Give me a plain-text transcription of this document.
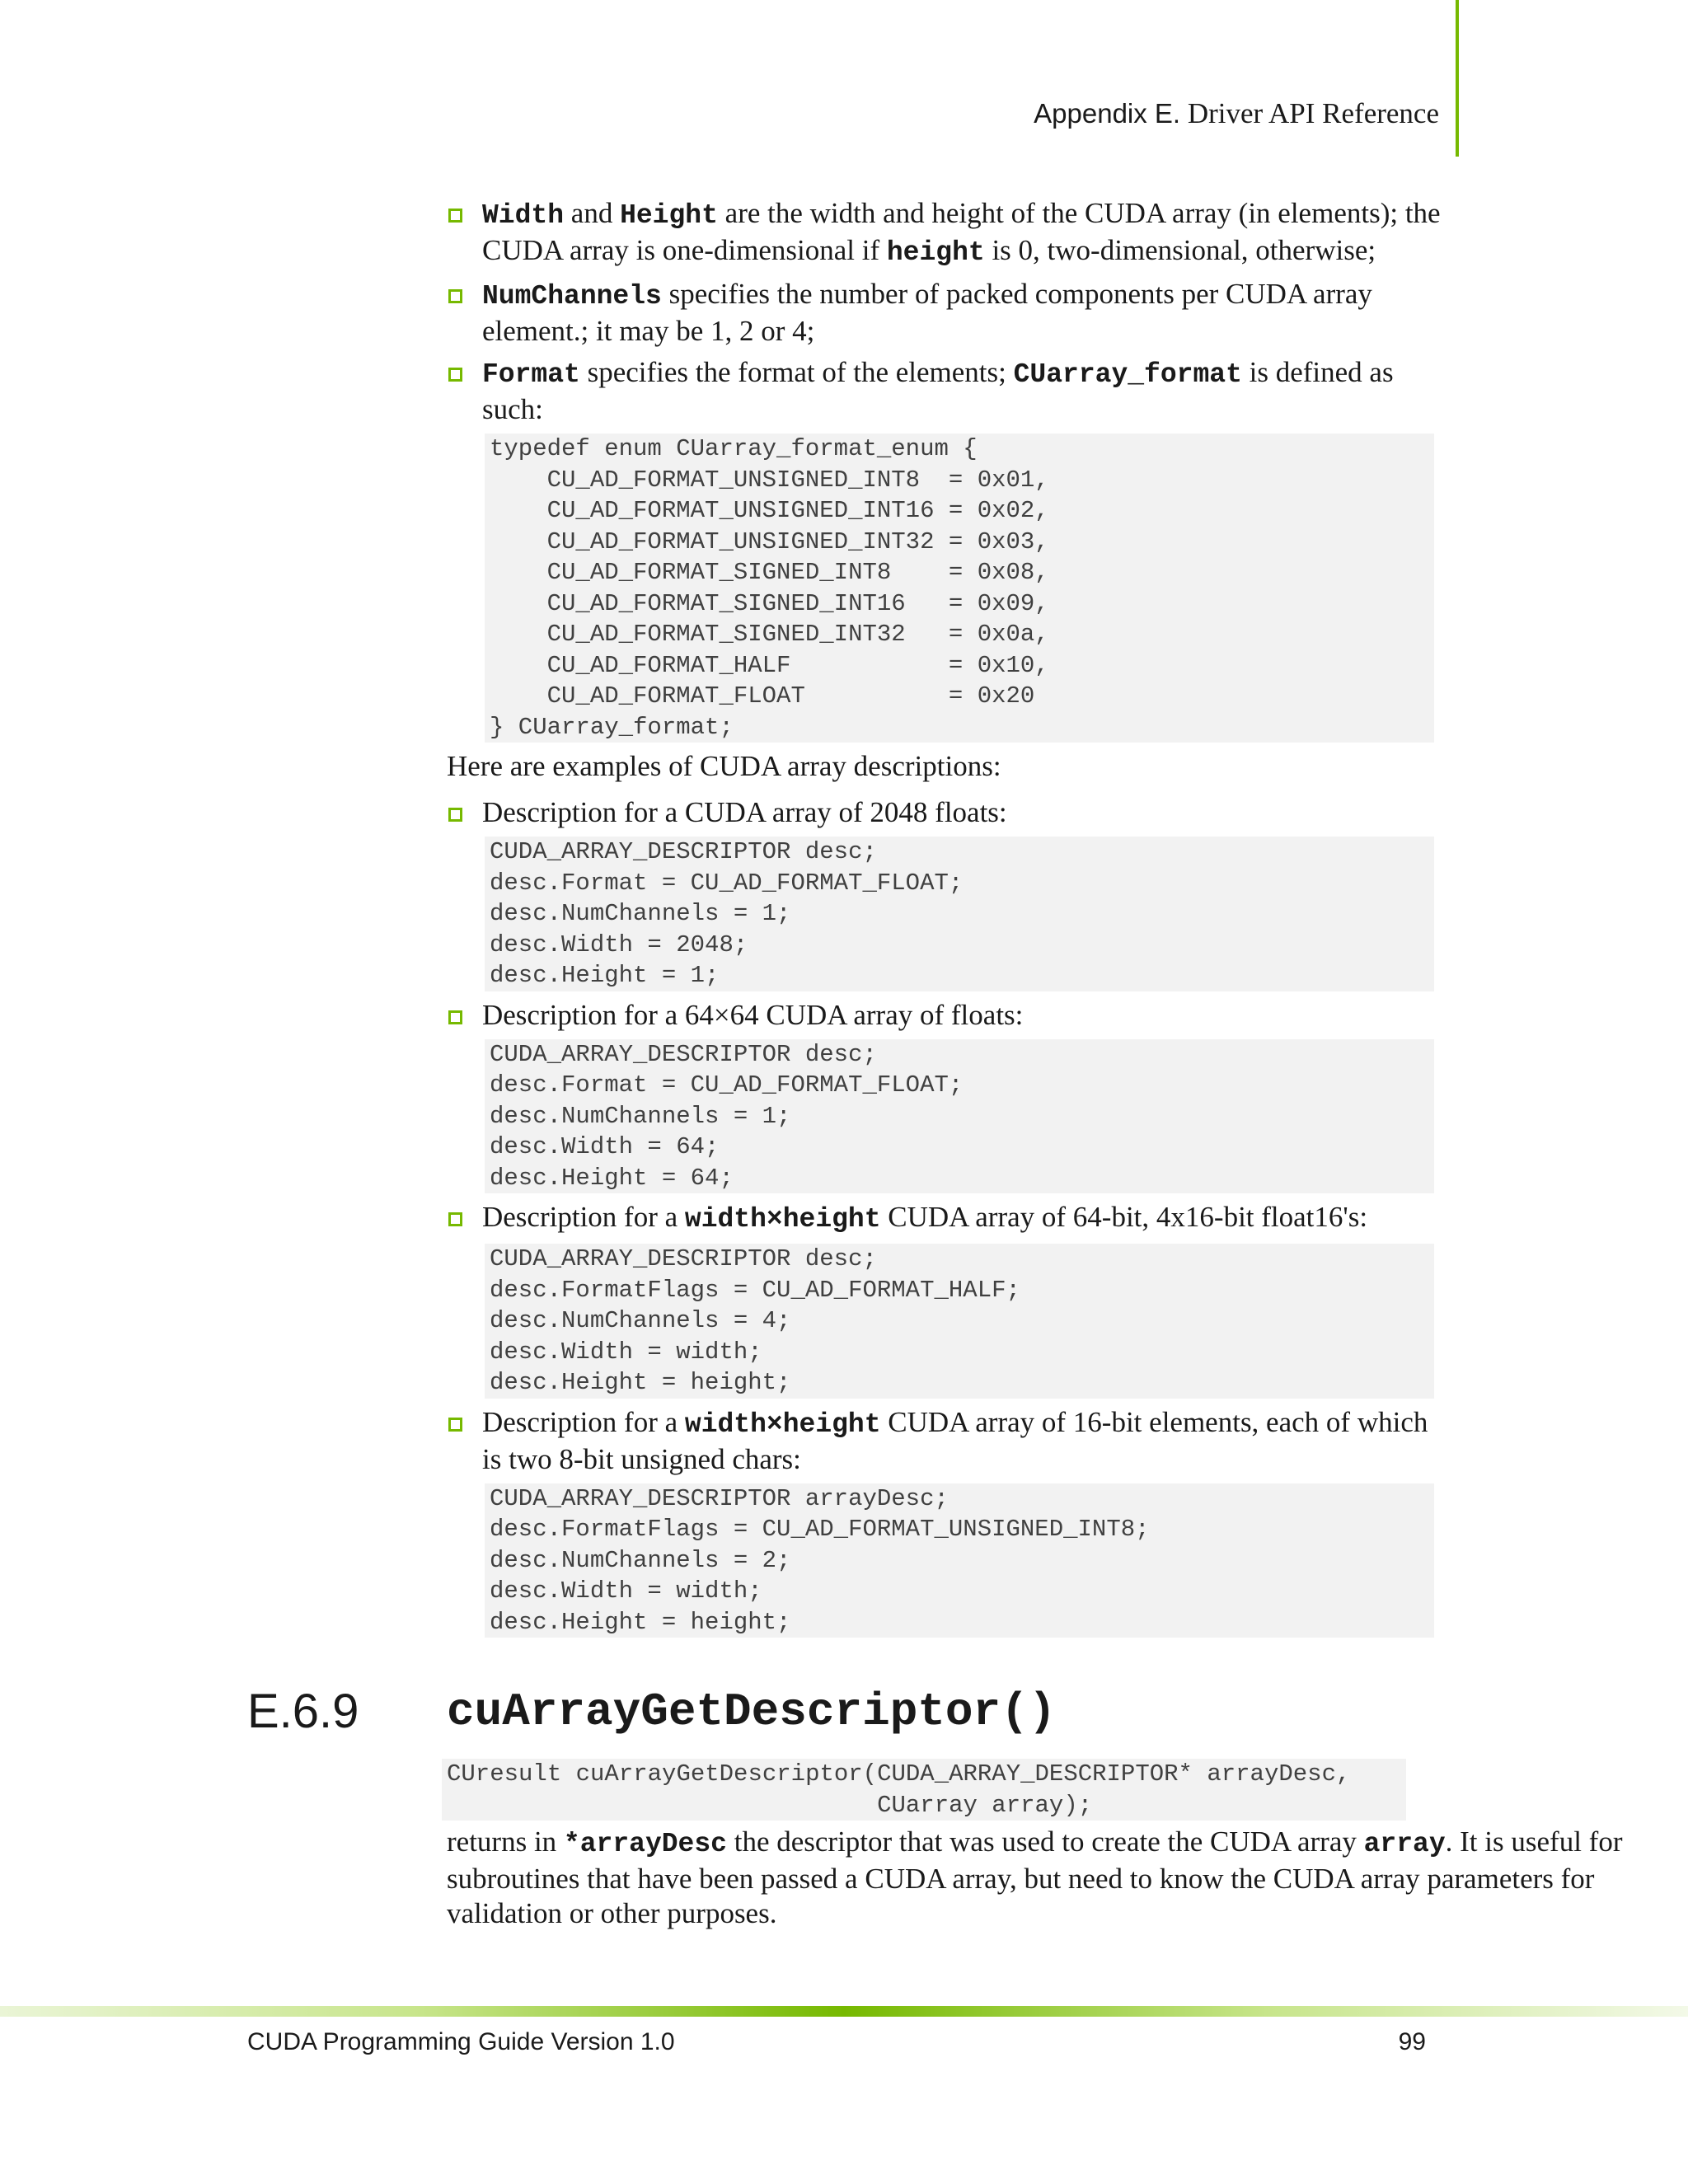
Appendix E. Driver API Reference
Width and Height are the width and height of the CUDA array (in elements); the CUDA array is one-dimensional if height is 0, two-dimensional, otherwise;
NumChannels specifies the number of packed components per CUDA array element.; it may be 1, 2 or 4;
Format specifies the format of the elements; CUarray_format is defined as such:
typedef enum CUarray_format_enum {
CU_AD_FORMAT_UNSIGNED_INT8  = 0x01,
CU_AD_FORMAT_UNSIGNED_INT16 = 0x02,
CU_AD_FORMAT_UNSIGNED_INT32 = 0x03,
CU_AD_FORMAT_SIGNED_INT8    = 0x08,
CU_AD_FORMAT_SIGNED_INT16   = 0x09,
CU_AD_FORMAT_SIGNED_INT32   = 0x0a,
CU_AD_FORMAT_HALF           = 0x10,
CU_AD_FORMAT_FLOAT          = 0x20
} CUarray_format;
Here are examples of CUDA array descriptions:
Description for a CUDA array of 2048 floats:
CUDA_ARRAY_DESCRIPTOR desc;
desc.Format = CU_AD_FORMAT_FLOAT;
desc.NumChannels = 1;
desc.Width = 2048;
desc.Height = 1;
Description for a 64×64 CUDA array of floats:
CUDA_ARRAY_DESCRIPTOR desc;
desc.Format = CU_AD_FORMAT_FLOAT;
desc.NumChannels = 1;
desc.Width = 64;
desc.Height = 64;
Description for a width×height CUDA array of 64-bit, 4x16-bit float16's:
CUDA_ARRAY_DESCRIPTOR desc;
desc.FormatFlags = CU_AD_FORMAT_HALF;
desc.NumChannels = 4;
desc.Width = width;
desc.Height = height;
Description for a width×height CUDA array of 16-bit elements, each of which is two 8-bit unsigned chars:
CUDA_ARRAY_DESCRIPTOR arrayDesc;
desc.FormatFlags = CU_AD_FORMAT_UNSIGNED_INT8;
desc.NumChannels = 2;
desc.Width = width;
desc.Height = height;
E.6.9 cuArrayGetDescriptor()
CUresult cuArrayGetDescriptor(CUDA_ARRAY_DESCRIPTOR* arrayDesc,
CUarray array);
returns in *arrayDesc the descriptor that was used to create the CUDA array array. It is useful for subroutines that have been passed a CUDA array, but need to know the CUDA array parameters for validation or other purposes.
CUDA Programming Guide Version 1.0	99
